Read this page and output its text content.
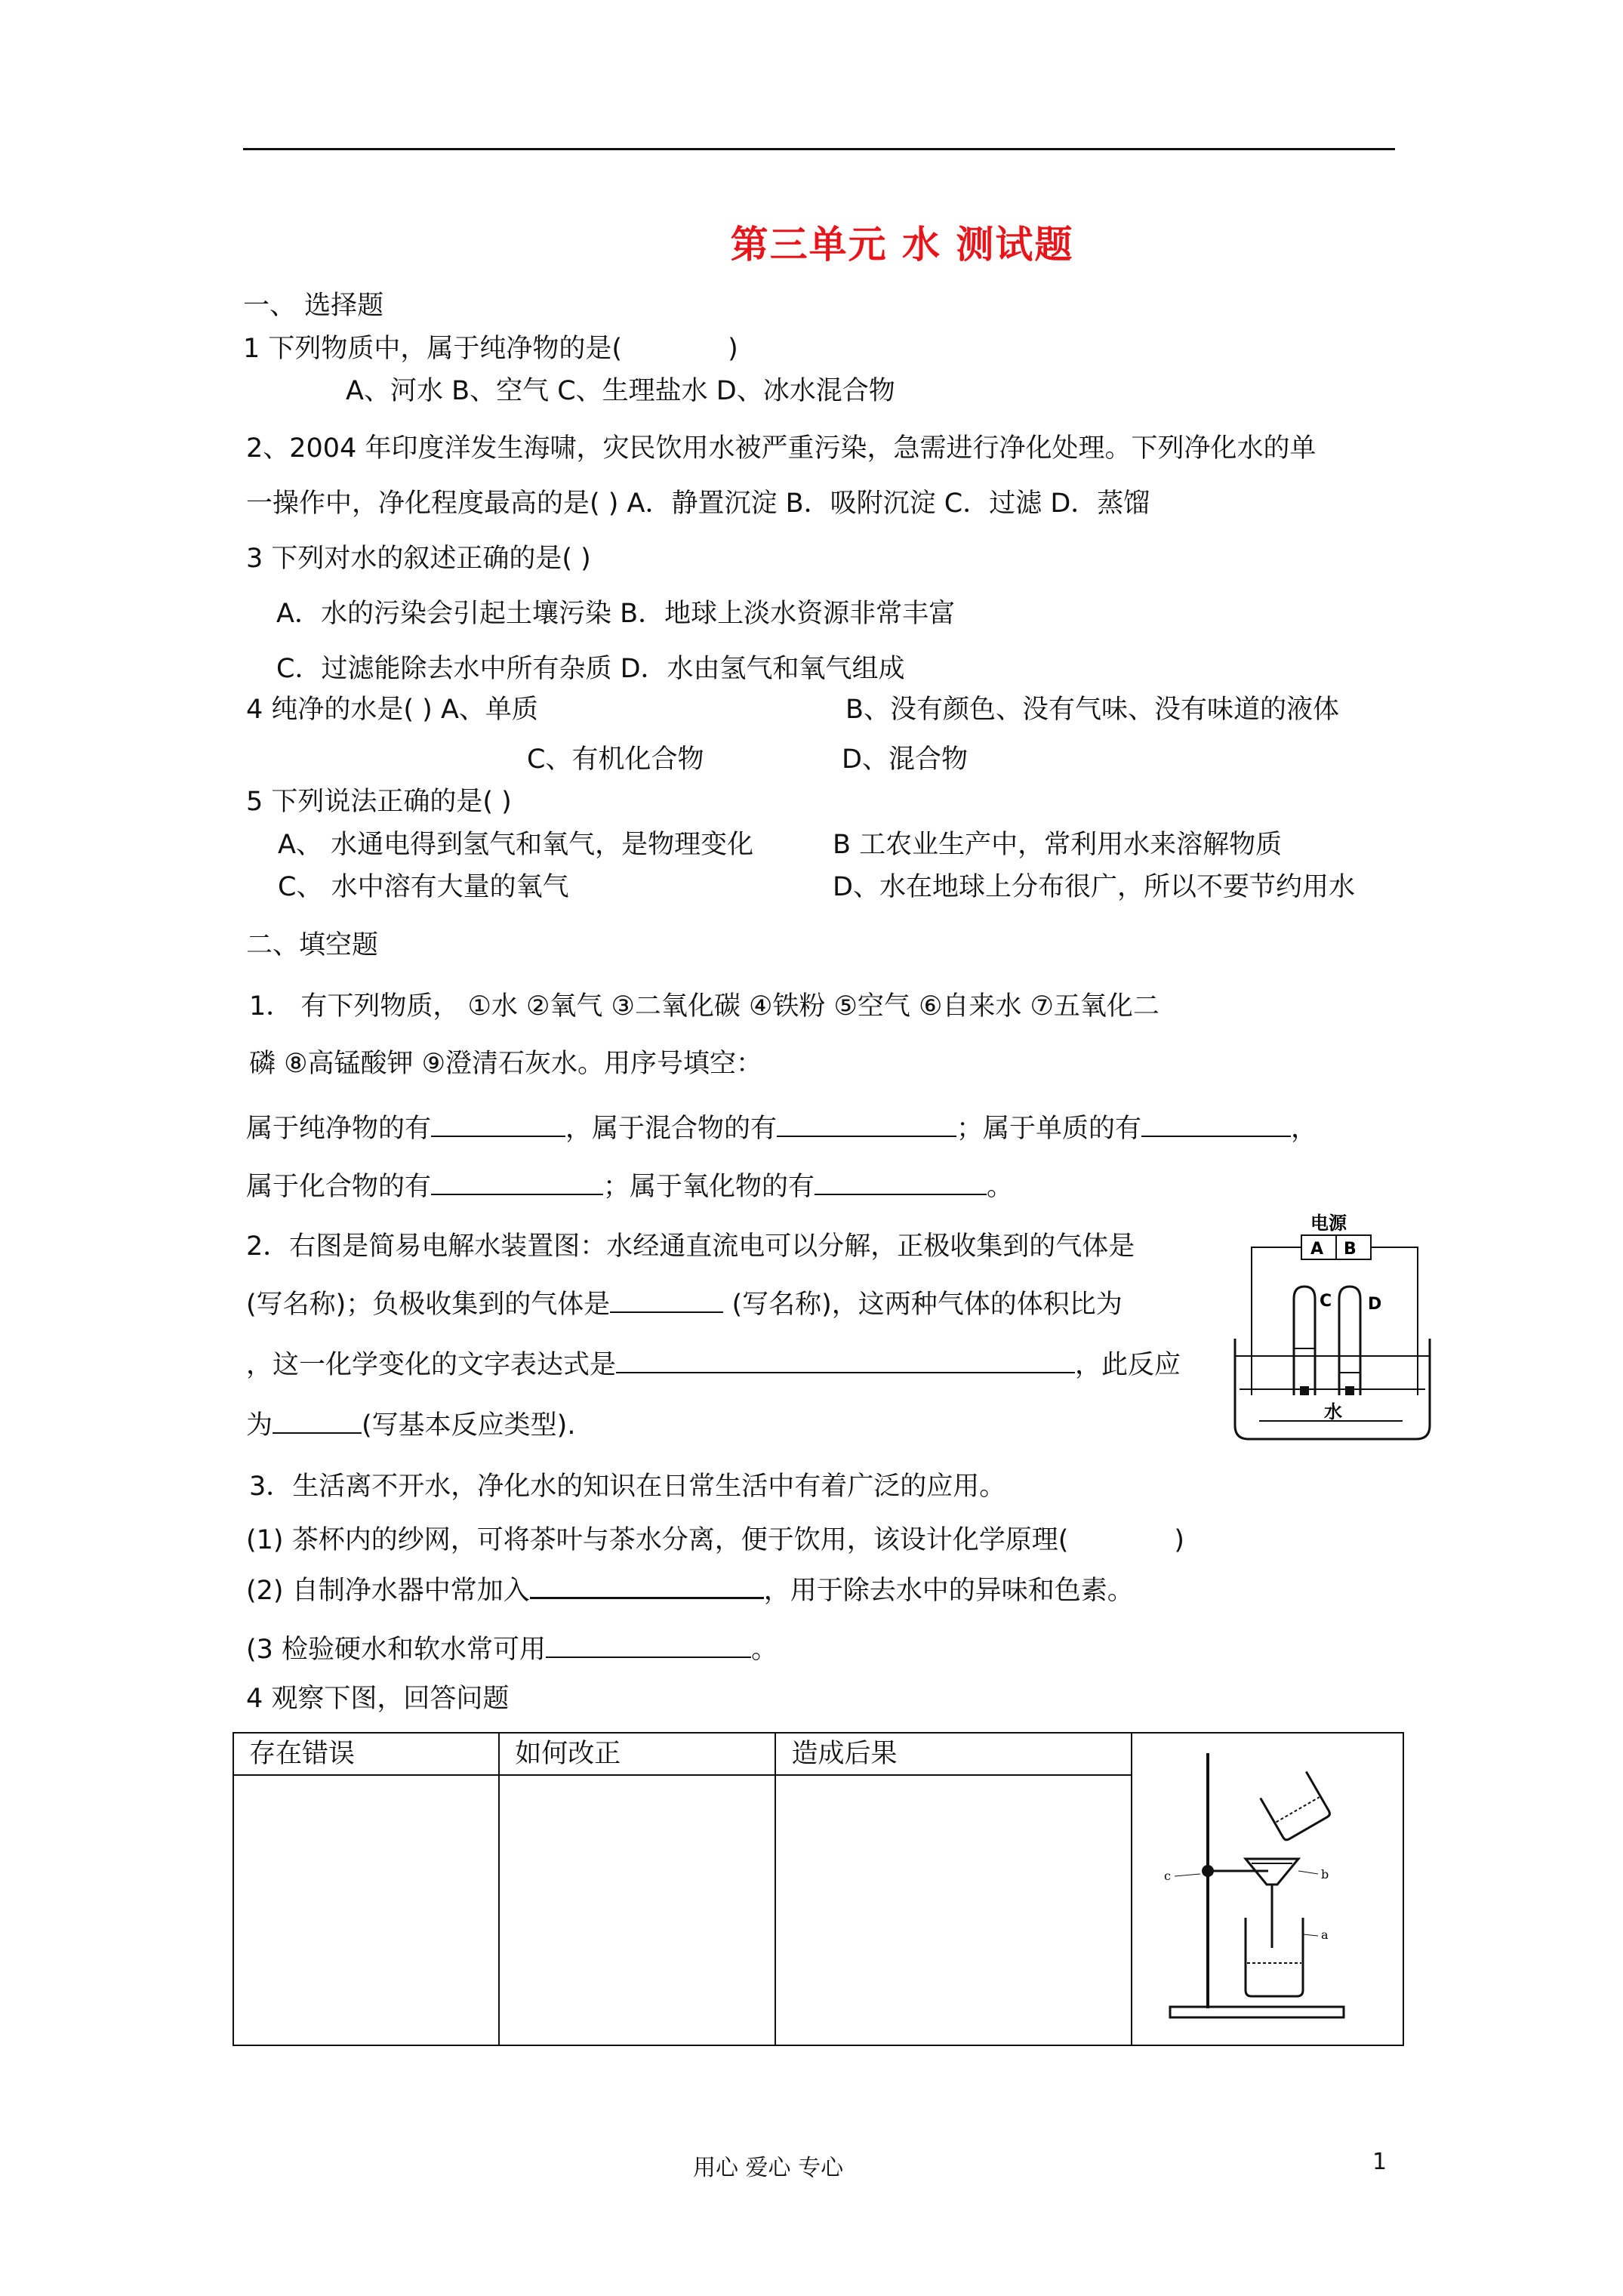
第三单元 水 测试题
一、 选择题
1 下列物质中，属于纯净物的是(	)
A、河水 B、空气 C、生理盐水 D、冰水混合物
2、2004 年印度洋发生海啸，灾民饮用水被严重污染，急需进行净化处理。下列净化水的单
一操作中，净化程度最高的是( ) A．静置沉淀 B．吸附沉淀 C．过滤 D．蒸馏
3 下列对水的叙述正确的是( )
A．水的污染会引起土壤污染 B．地球上淡水资源非常丰富
C．过滤能除去水中所有杂质 D．水由氢气和氧气组成
4 纯净的水是( ) A、单质	B、没有颜色、没有气味、没有味道的液体
C、有机化合物	D、混合物
5 下列说法正确的是( )
A、 水通电得到氢气和氧气，是物理变化	B 工农业生产中，常利用水来溶解物质
C、 水中溶有大量的氧气	D、水在地球上分布很广，所以不要节约用水
二、填空题
1． 有下列物质， ①水 ②氧气 ③二氧化碳 ④铁粉 ⑤空气 ⑥自来水 ⑦五氧化二
磷 ⑧高锰酸钾 ⑨澄清石灰水。用序号填空：
属于纯净物的有	，属于混合物的有	；属于单质的有	，
属于化合物的有	；属于氧化物的有	。
2．右图是简易电解水装置图：水经通直流电可以分解，正极收集到的气体是
(写名称)；负极收集到的气体是	(写名称)，这两种气体的体积比为
，这一化学变化的文字表达式是	，此反应
为	(写基本反应类型).
电源
A B
C D
水
3．生活离不开水，净化水的知识在日常生活中有着广泛的应用。
(1) 茶杯内的纱网，可将茶叶与茶水分离，便于饮用，该设计化学原理(	)
(2) 自制净水器中常加入	，用于除去水中的异味和色素。
(3 检验硬水和软水常可用	。
4 观察下图，回答问题
存在错误	如何改正	造成后果	

c	b
a
用心 爱心 专心	1
